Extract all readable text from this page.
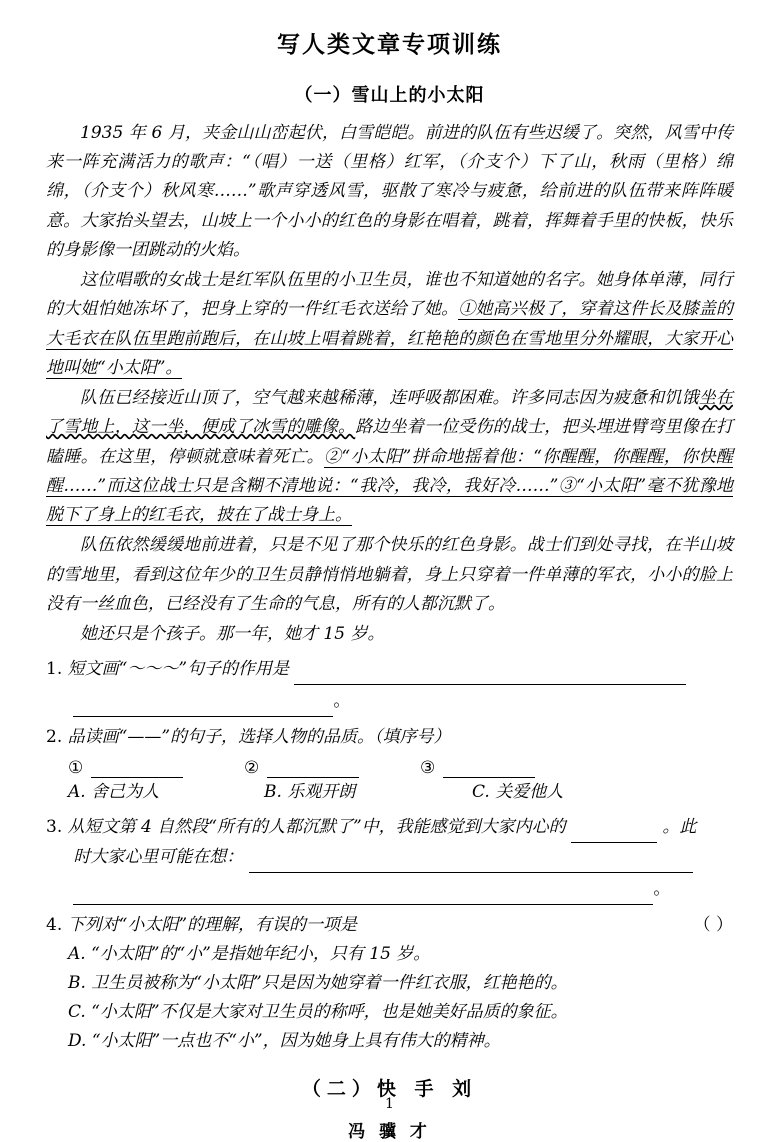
写人类文章专项训练
（一）雪山上的小太阳
1935 年 6 月，夹金山山峦起伏，白雪皑皑。前进的队伍有些迟缓了。突然，风雪中传来一阵充满活力的歌声：“（唱）一送（里格）红军，（介支个）下了山，秋雨（里格）绵绵，（介支个）秋风寒……”歌声穿透风雪，驱散了寒冷与疲惫，给前进的队伍带来阵阵暖意。大家抬头望去，山坡上一个小小的红色的身影在唱着，跳着，挥舞着手里的快板，快乐的身影像一团跳动的火焰。
这位唱歌的女战士是红军队伍里的小卫生员，谁也不知道她的名字。她身体单薄，同行的大姐怕她冻坏了，把身上穿的一件红毛衣送给了她。①她高兴极了，穿着这件长及膝盖的大毛衣在队伍里跑前跑后，在山坡上唱着跳着，红艳艳的颜色在雪地里分外耀眼，大家开心地叫她“小太阳”。
队伍已经接近山顶了，空气越来越稀薄，连呼吸都困难。许多同志因为疲惫和饥饿坐在了雪地上，这一坐，便成了冰雪的雕像。路边坐着一位受伤的战士，把头埋进臂弯里像在打瞌睡。在这里，停顿就意味着死亡。②“小太阳”拼命地摇着他：“你醒醒，你醒醒，你快醒醒……”而这位战士只是含糊不清地说：“我冷，我冷，我好冷……”③“小太阳”毫不犹豫地脱下了身上的红毛衣，披在了战士身上。
队伍依然缓缓地前进着，只是不见了那个快乐的红色身影。战士们到处寻找，在半山坡的雪地里，看到这位年少的卫生员静悄悄地躺着，身上只穿着一件单薄的军衣，小小的脸上没有一丝血色，已经没有了生命的气息，所有的人都沉默了。
她还只是个孩子。那一年，她才 15 岁。
1. 短文画“～～～”句子的作用是
。
2. 品读画“——”的句子，选择人物的品质。（填序号）
①	②	③
A. 舍己为人	B. 乐观开朗	C. 关爱他人
3. 从短文第 4 自然段“所有的人都沉默了”中，我能感觉到大家内心的	。此
时大家心里可能在想：
。
4. 下列对“小太阳”的理解，有误的一项是	（ ）
A. “小太阳”的“小”是指她年纪小，只有 15 岁。
B. 卫生员被称为“小太阳”只是因为她穿着一件红衣服，红艳艳的。
C. “小太阳”不仅是大家对卫生员的称呼，也是她美好品质的象征。
D. “小太阳”一点也不“小”，因为她身上具有伟大的精神。
（二）快 手 刘
冯 骥 才
1
